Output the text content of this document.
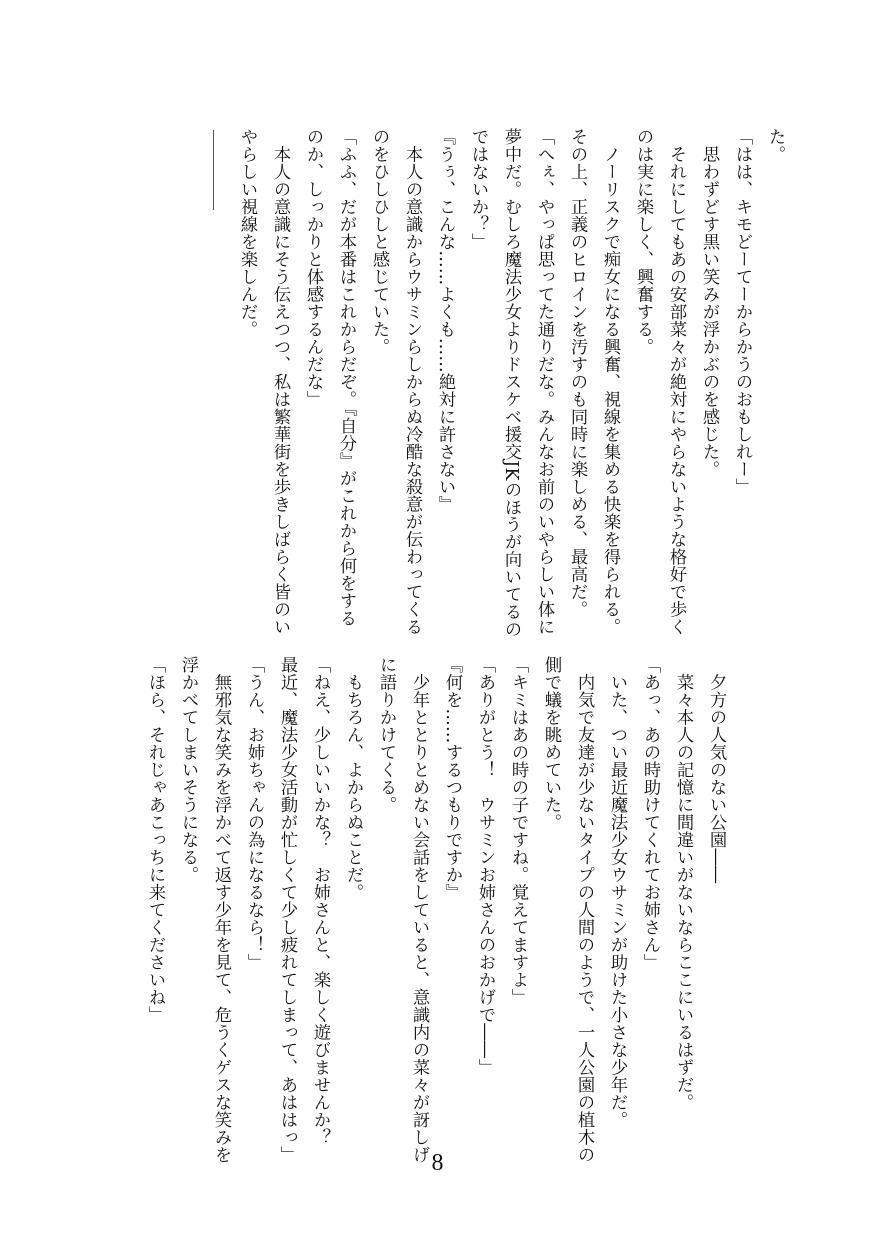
た。
「はは、キモどーてーからかうのおもしれー」
　思わずどす黒い笑みが浮かぶのを感じた。
　それにしてもあの安部菜々が絶対にやらないような格好で歩く
のは実に楽しく、興奮する。
　ノーリスクで痴女になる興奮、視線を集める快楽を得られる。
その上、正義のヒロインを汚すのも同時に楽しめる、最高だ。
「へぇ、やっぱ思ってた通りだな。みんなお前のいやらしい体に
夢中だ。むしろ魔法少女よりドスケベ援交JKのほうが向いてるの
ではないか？」
『うぅ、こんな……よくも……絶対に許さない』
　本人の意識からウサミンらしからぬ冷酷な殺意が伝わってくる
のをひしひしと感じていた。
「ふふ、だが本番はこれからだぞ。『自分』がこれから何をする
のか、しっかりと体感するんだな」
　本人の意識にそう伝えつつ、私は繁華街を歩きしばらく皆のい
やらしい視線を楽しんだ。
　夕方の人気のない公園――
　菜々本人の記憶に間違いがないならここにいるはずだ。
「あっ、あの時助けてくれてお姉さん」
　いた、つい最近魔法少女ウサミンが助けた小さな少年だ。
　内気で友達が少ないタイプの人間のようで、一人公園の植木の
側で蟻を眺めていた。
「キミはあの時の子ですね。覚えてますよ」
「ありがとう！　ウサミンお姉さんのおかげで――」
『何を……するつもりですか』
　少年ととりとめない会話をしていると、意識内の菜々が訝しげ
に語りかけてくる。
　もちろん、よからぬことだ。
「ねえ、少しいいかな？　お姉さんと、楽しく遊びませんか？
最近、魔法少女活動が忙しくて少し疲れてしまって、あははっ」
「うん、お姉ちゃんの為になるなら！」
　無邪気な笑みを浮かべて返す少年を見て、危うくゲスな笑みを
浮かべてしまいそうになる。
「ほら、それじゃあこっちに来てくださいね」
8
